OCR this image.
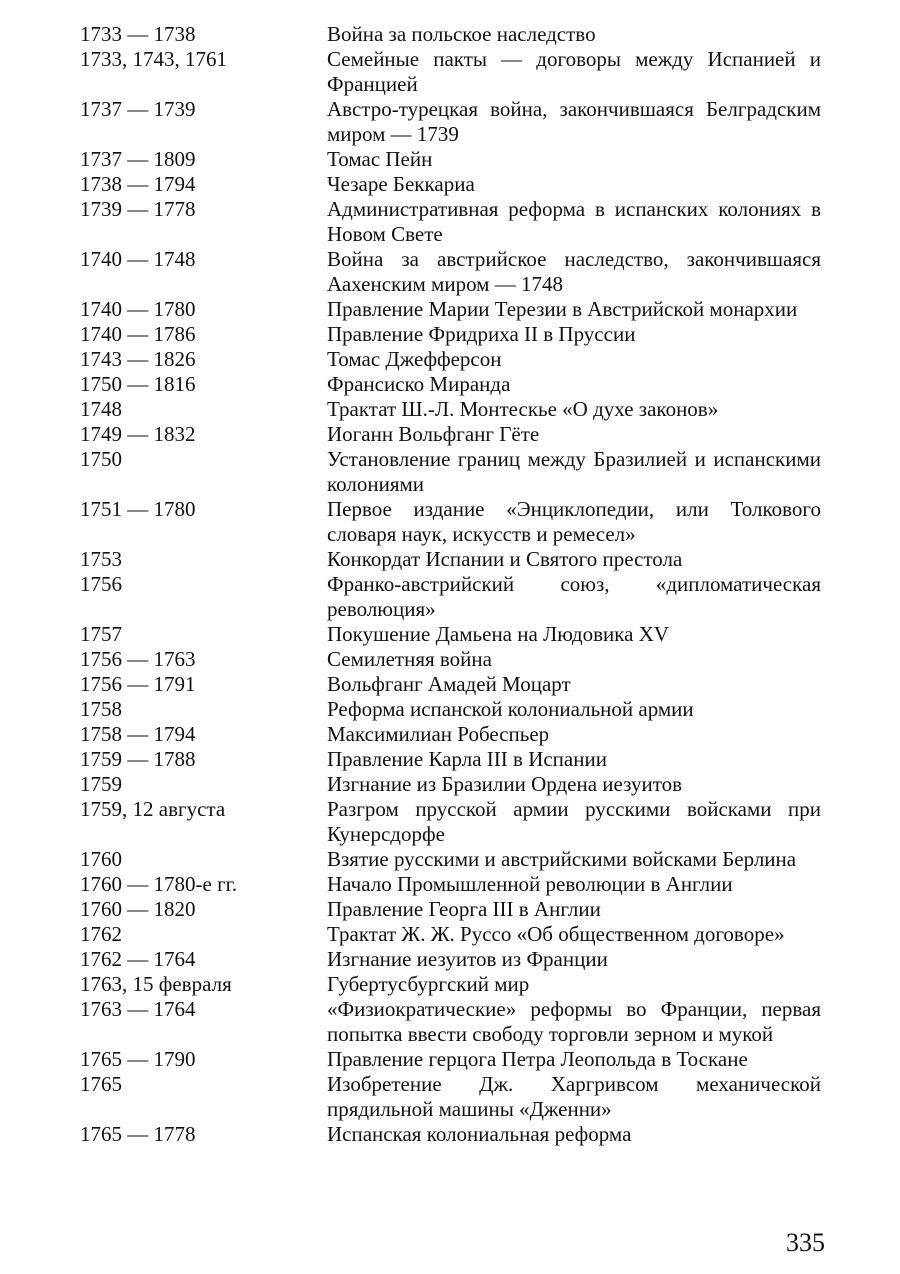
1733 — 1738	Война за польское наследство
1733, 1743, 1761	Семейные пакты — договоры между Испанией и Францией
1737 — 1739	Австро-турецкая война, закончившаяся Белградским миром — 1739
1737 — 1809	Томас Пейн
1738 — 1794	Чезаре Беккариа
1739 — 1778	Административная реформа в испанских колониях в Новом Свете
1740 — 1748	Война за австрийское наследство, закончившаяся Аахенским миром — 1748
1740 — 1780	Правление Марии Терезии в Австрийской монархии
1740 — 1786	Правление Фридриха II в Пруссии
1743 — 1826	Томас Джефферсон
1750 — 1816	Франсиско Миранда
1748	Трактат Ш.-Л. Монтескье «О духе законов»
1749 — 1832	Иоганн Вольфганг Гёте
1750	Установление границ между Бразилией и испанскими колониями
1751 — 1780	Первое издание «Энциклопедии, или Толкового словаря наук, искусств и ремесел»
1753	Конкордат Испании и Святого престола
1756	Франко-австрийский союз, «дипломатическая революция»
1757	Покушение Дамьена на Людовика XV
1756 — 1763	Семилетняя война
1756 — 1791	Вольфганг Амадей Моцарт
1758	Реформа испанской колониальной армии
1758 — 1794	Максимилиан Робеспьер
1759 — 1788	Правление Карла III в Испании
1759	Изгнание из Бразилии Ордена иезуитов
1759, 12 августа	Разгром прусской армии русскими войсками при Кунерсдорфе
1760	Взятие русскими и австрийскими войсками Берлина
1760 — 1780-е гг.	Начало Промышленной революции в Англии
1760 — 1820	Правление Георга III в Англии
1762	Трактат Ж. Ж. Руссо «Об общественном договоре»
1762 — 1764	Изгнание иезуитов из Франции
1763, 15 февраля	Губертусбургский мир
1763 — 1764	«Физиократические» реформы во Франции, первая попытка ввести свободу торговли зерном и мукой
1765 — 1790	Правление герцога Петра Леопольда в Тоскане
1765	Изобретение Дж. Харгривсом механической прядильной машины «Дженни»
1765 — 1778	Испанская колониальная реформа
335
